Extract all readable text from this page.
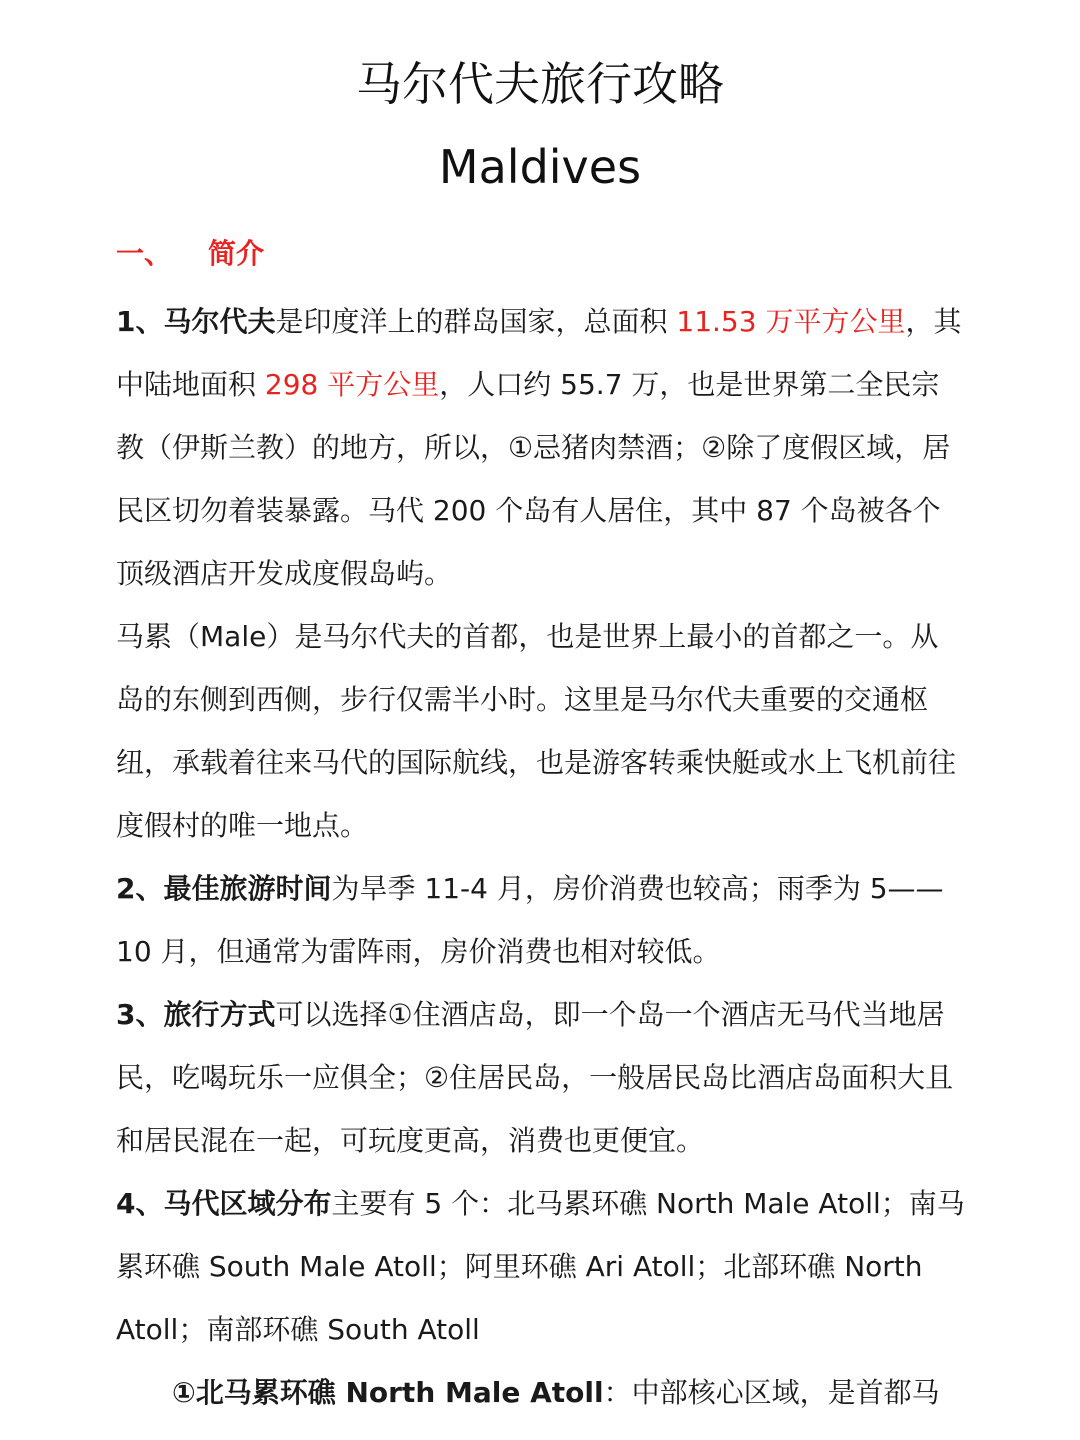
马尔代夫旅行攻略
Maldives
一、 简介

1、马尔代夫是印度洋上的群岛国家，总面积 11.53 万平方公里，其中陆地面积 298 平方公里，人口约 55.7 万，也是世界第二全民宗教（伊斯兰教）的地方，所以，①忌猪肉禁酒；②除了度假区域，居民区切勿着装暴露。马代 200 个岛有人居住，其中 87 个岛被各个顶级酒店开发成度假岛屿。

马累（Male）是马尔代夫的首都，也是世界上最小的首都之一。从岛的东侧到西侧，步行仅需半小时。这里是马尔代夫重要的交通枢纽，承载着往来马代的国际航线，也是游客转乘快艇或水上飞机前往度假村的唯一地点。

2、最佳旅游时间为旱季 11-4 月，房价消费也较高；雨季为 5——10 月，但通常为雷阵雨，房价消费也相对较低。

3、旅行方式可以选择①住酒店岛，即一个岛一个酒店无马代当地居民，吃喝玩乐一应俱全；②住居民岛，一般居民岛比酒店岛面积大且和居民混在一起，可玩度更高，消费也更便宜。

4、马代区域分布主要有 5 个：北马累环礁 North Male Atoll；南马累环礁 South Male Atoll；阿里环礁 Ari Atoll；北部环礁 North Atoll；南部环礁 South Atoll

①北马累环礁 North Male Atoll：中部核心区域，是首都马
